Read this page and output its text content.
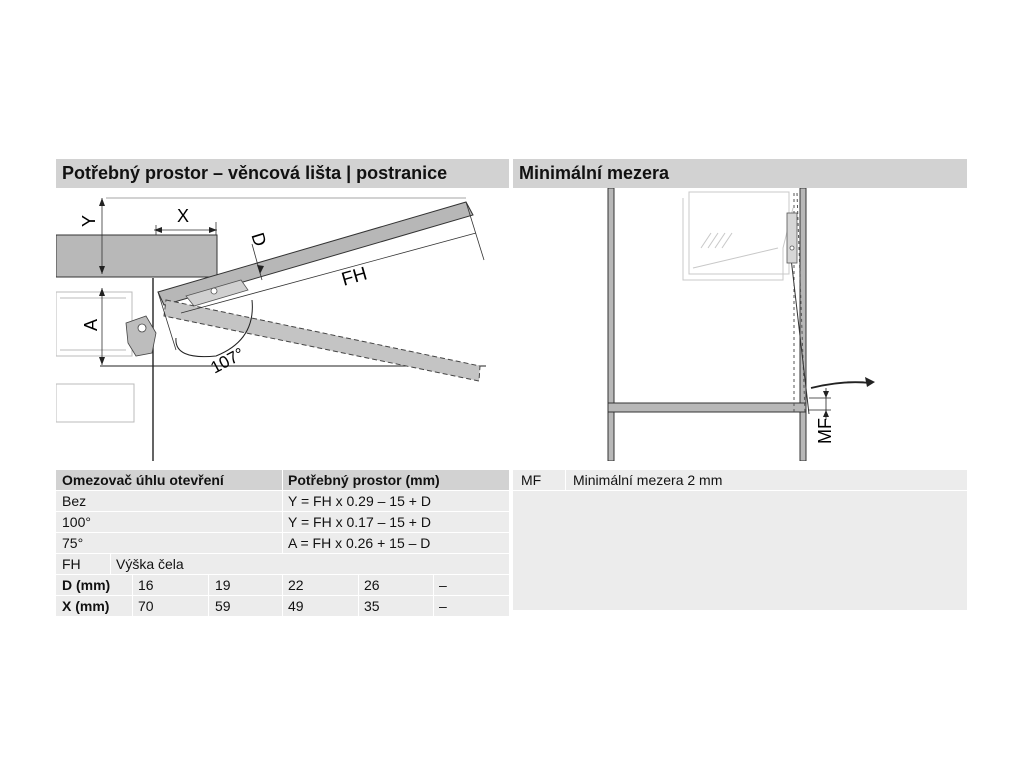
Potřebný prostor – věncová lišta | postranice	Minimální mezera
Y	X
D
A
FH
107°
MF
Omezovač úhlu otevření	Potřebný prostor (mm)
Bez	Y = FH x 0.29 – 15 + D
100°	Y = FH x 0.17 – 15 + D
75°	A = FH x 0.26 + 15 – D
FH	Výška čela
D (mm) 16	19	22	26	–
X (mm) 70	59	49	35	–
MF Minimální mezera 2 mm
